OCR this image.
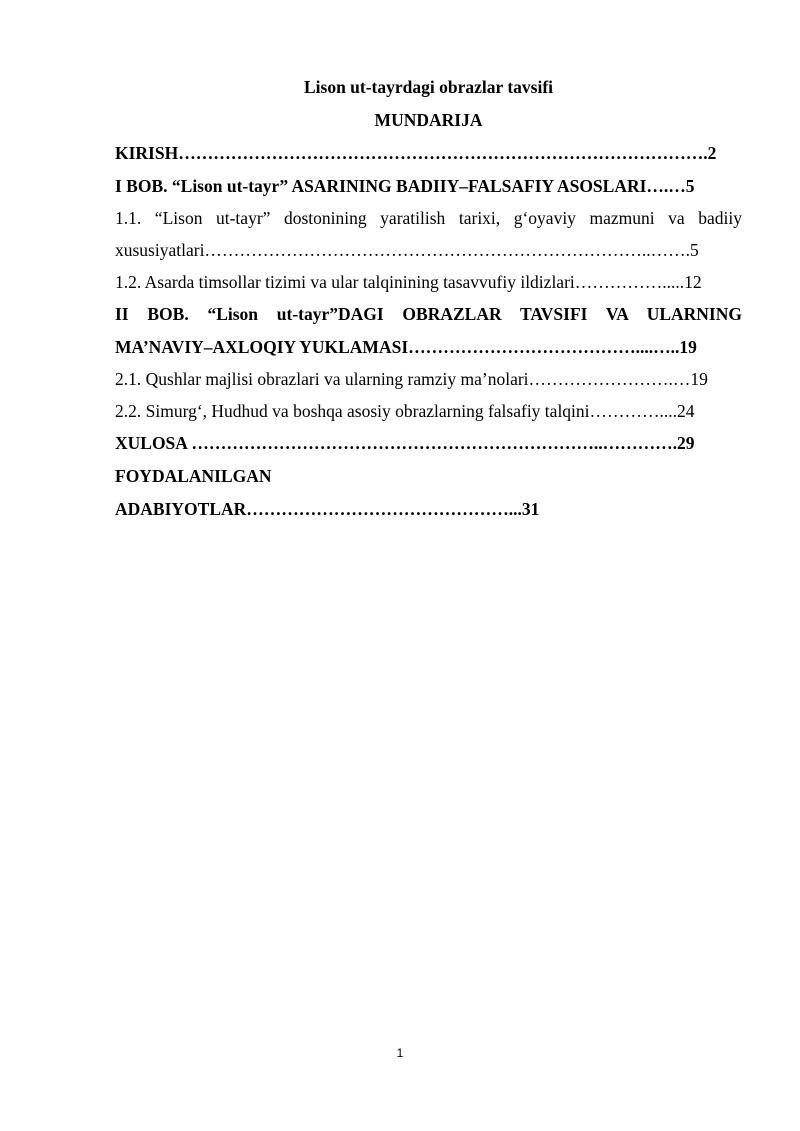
Lison ut-tayrdagi obrazlar tavsifi
MUNDARIJA
KIRISH……………………………………………………………………………….2
I BOB. “Lison ut-tayr” ASARINING BADIIY–FALSAFIY ASOSLARI….…5
1.1. “Lison ut-tayr” dostonining yaratilish tarixi, g‘oyaviy mazmuni va badiiy
xususiyatlari…………………………………………………………………..…….5
1.2. Asarda timsollar tizimi va ular talqinining tasavvufiy ildizlari…………….....12
II BOB. “Lison ut-tayr”DAGI OBRAZLAR TAVSIFI VA ULARNING
MA’NAVIY–AXLOQIY YUKLAMASI…………………………………....…..19
2.1. Qushlar majlisi obrazlari va ularning ramziy ma’nolari…………………….…19
2.2. Simurg‘, Hudhud va boshqa asosiy obrazlarning falsafiy talqini…………....24
XULOSA ……………………………………………………………..………….29
FOYDALANILGAN
ADABIYOTLAR………………………………………...31
1
